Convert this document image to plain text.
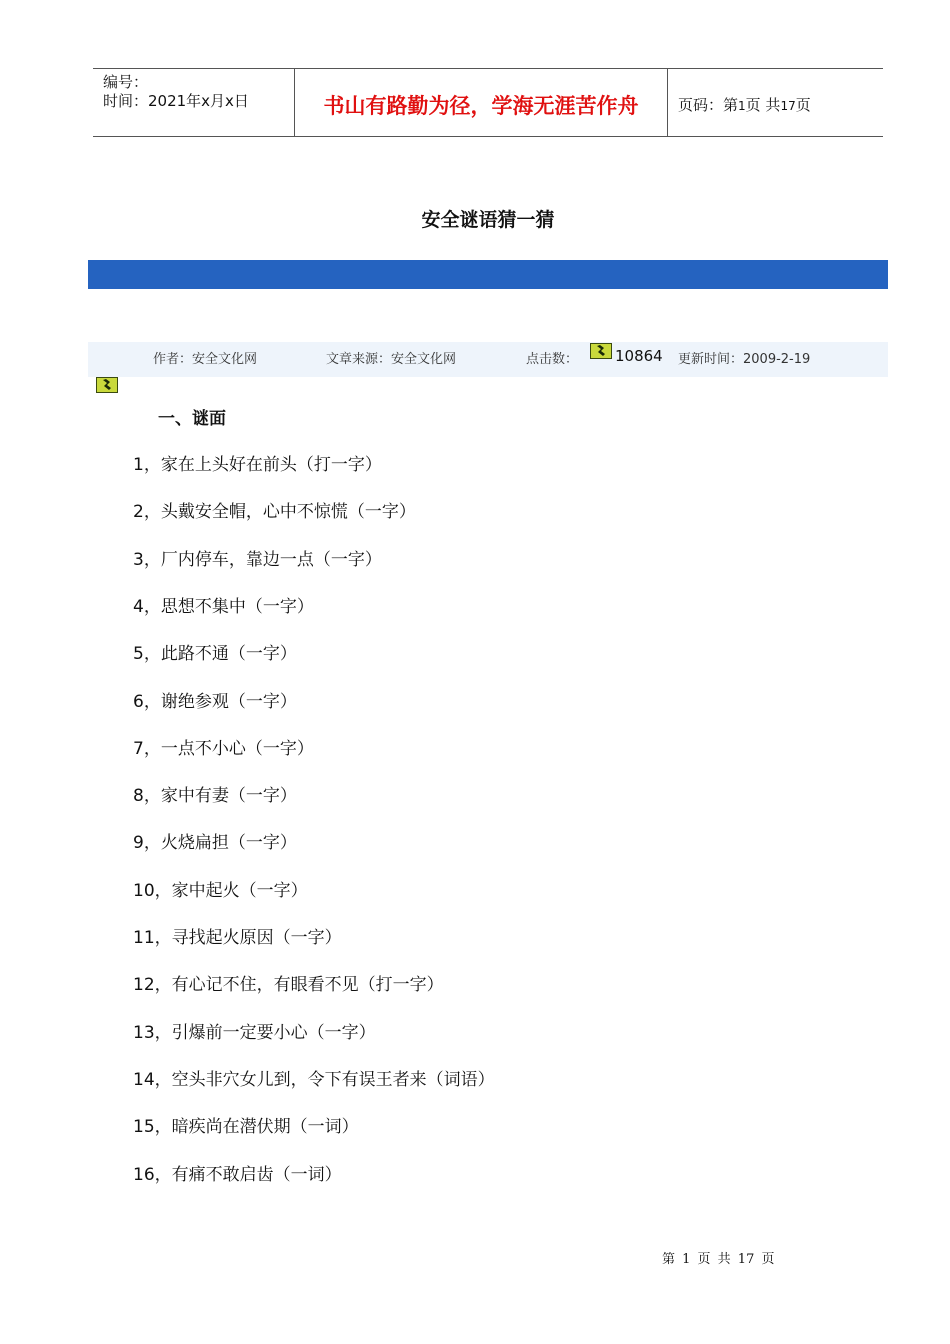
编号：
时间：2021年x月x日	书山有路勤为径，学海无涯苦作舟	页码：第1页 共17页
安全谜语猜一猜
作者：安全文化网	文章来源：安全文化网	点击数： 10864 更新时间：2009-2-19
一、谜面
1，家在上头好在前头（打一字）
2，头戴安全帽，心中不惊慌（一字）
3，厂内停车，靠边一点（一字）
4，思想不集中（一字）
5，此路不通（一字）
6，谢绝参观（一字）
7，一点不小心（一字）
8，家中有妻（一字）
9，火烧扁担（一字）
10，家中起火（一字）
11，寻找起火原因（一字）
12，有心记不住，有眼看不见（打一字）
13，引爆前一定要小心（一字）
14，空头非穴女儿到，令下有误王者来（词语）
15，暗疾尚在潜伏期（一词）
16，有痛不敢启齿（一词）
第 1 页 共 17 页
